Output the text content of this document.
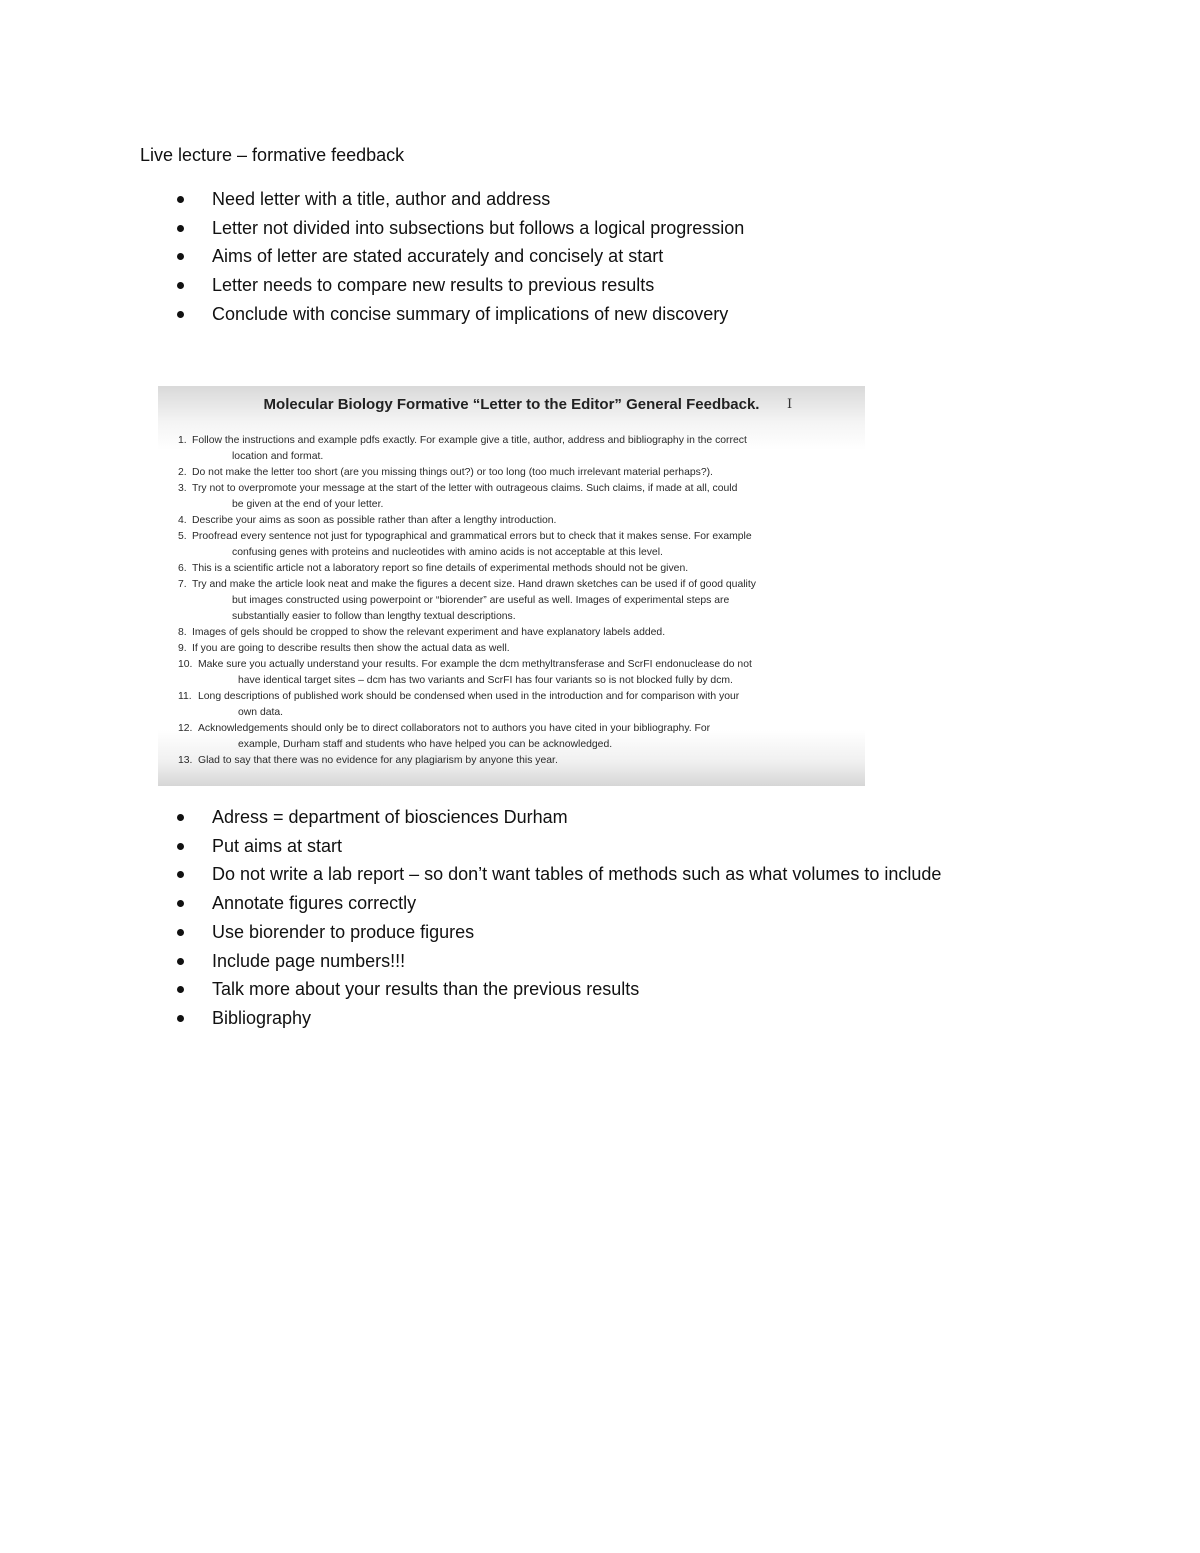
Live lecture – formative feedback
Need letter with a title, author and address
Letter not divided into subsections but follows a logical progression
Aims of letter are stated accurately and concisely at start
Letter needs to compare new results to previous results
Conclude with concise summary of implications of new discovery
Molecular Biology Formative “Letter to the Editor” General Feedback.	I
1. Follow the instructions and example pdfs exactly. For example give a title, author, address and bibliography in the correct
location and format.
2. Do not make the letter too short (are you missing things out?) or too long (too much irrelevant material perhaps?).
3. Try not to overpromote your message at the start of the letter with outrageous claims. Such claims, if made at all, could
be given at the end of your letter.
4. Describe your aims as soon as possible rather than after a lengthy introduction.
5. Proofread every sentence not just for typographical and grammatical errors but to check that it makes sense. For example
confusing genes with proteins and nucleotides with amino acids is not acceptable at this level.
6. This is a scientific article not a laboratory report so fine details of experimental methods should not be given.
7. Try and make the article look neat and make the figures a decent size. Hand drawn sketches can be used if of good quality
but images constructed using powerpoint or “biorender” are useful as well. Images of experimental steps are
substantially easier to follow than lengthy textual descriptions.
8. Images of gels should be cropped to show the relevant experiment and have explanatory labels added.
9. If you are going to describe results then show the actual data as well.
10. Make sure you actually understand your results. For example the dcm methyltransferase and ScrFI endonuclease do not
have identical target sites – dcm has two variants and ScrFI has four variants so is not blocked fully by dcm.
11. Long descriptions of published work should be condensed when used in the introduction and for comparison with your
own data.
12. Acknowledgements should only be to direct collaborators not to authors you have cited in your bibliography. For
example, Durham staff and students who have helped you can be acknowledged.
13. Glad to say that there was no evidence for any plagiarism by anyone this year.
Adress = department of biosciences Durham
Put aims at start
Do not write a lab report – so don’t want tables of methods such as what volumes to include
Annotate figures correctly
Use biorender to produce figures
Include page numbers!!!
Talk more about your results than the previous results
Bibliography
